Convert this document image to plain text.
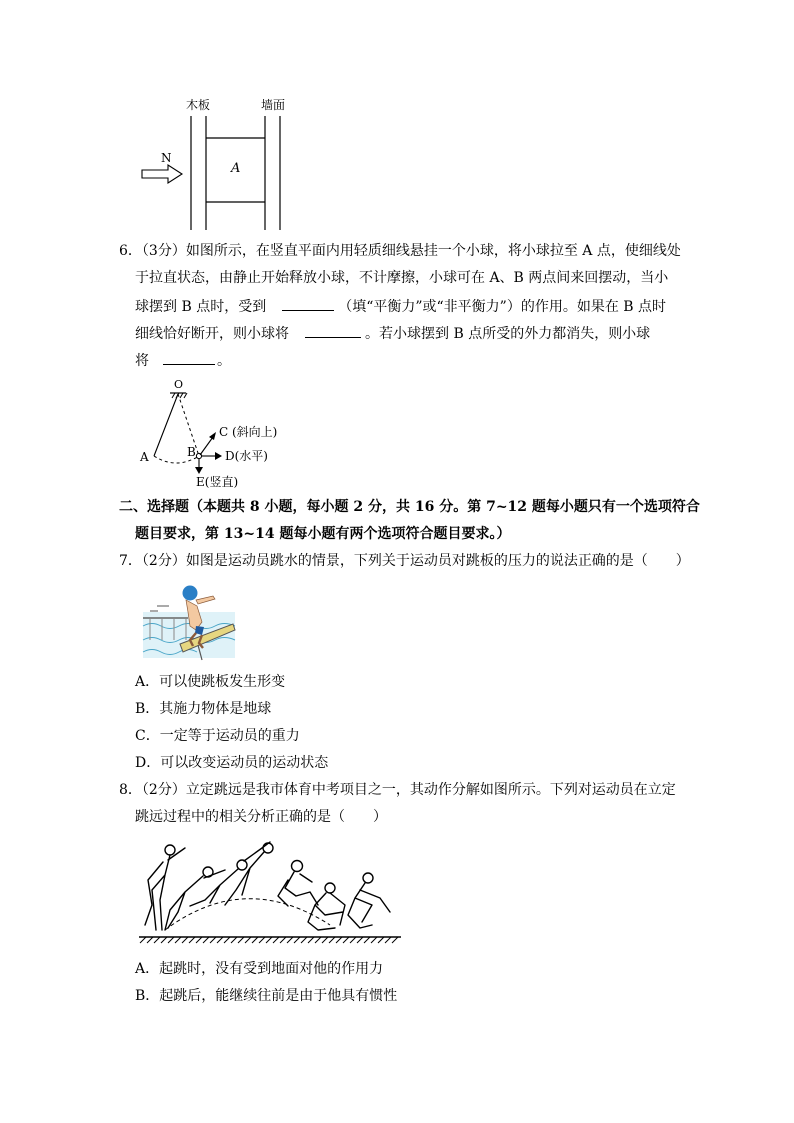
木板	墙面
N
A
6．（3分）如图所示，在竖直平面内用轻质细线悬挂一个小球，将小球拉至 A 点，使细线处
于拉直状态，由静止开始释放小球，不计摩擦，小球可在 A、B 两点间来回摆动，当小
球摆到 B 点时，受到	（填“平衡力”或“非平衡力”）的作用。如果在 B 点时
细线恰好断开，则小球将	。若小球摆到 B 点所受的外力都消失，则小球
将	。
O
A	B
C (斜向上)
D(水平)
E(竖直)
二、选择题（本题共 8 小题，每小题 2 分，共 16 分。第 7~12 题每小题只有一个选项符合
题目要求，第 13~14 题每小题有两个选项符合题目要求。）
7．（2分）如图是运动员跳水的情景，下列关于运动员对跳板的压力的说法正确的是（　　）
A．可以使跳板发生形变
B．其施力物体是地球
C．一定等于运动员的重力
D．可以改变运动员的运动状态
8．（2分）立定跳远是我市体育中考项目之一，其动作分解如图所示。下列对运动员在立定
跳远过程中的相关分析正确的是（　　）
A．起跳时，没有受到地面对他的作用力
B．起跳后，能继续往前是由于他具有惯性
